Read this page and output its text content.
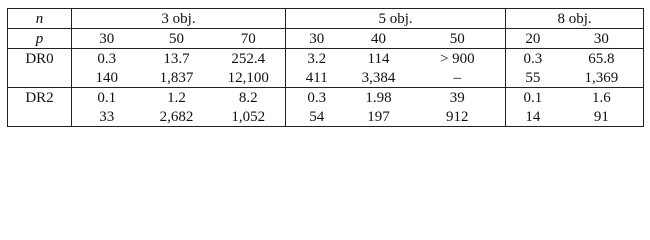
n	3 obj.			5 obj.			8 obj.	
p	30	50	70	30	40	50	20	30
DR0	0.3	13.7	252.4	3.2	114	> 900	0.3	65.8
	140	1,837	12,100	411	3,384	–	55	1,369
DR2	0.1	1.2	8.2	0.3	1.98	39	0.1	1.6
	33	2,682	1,052	54	197	912	14	91
